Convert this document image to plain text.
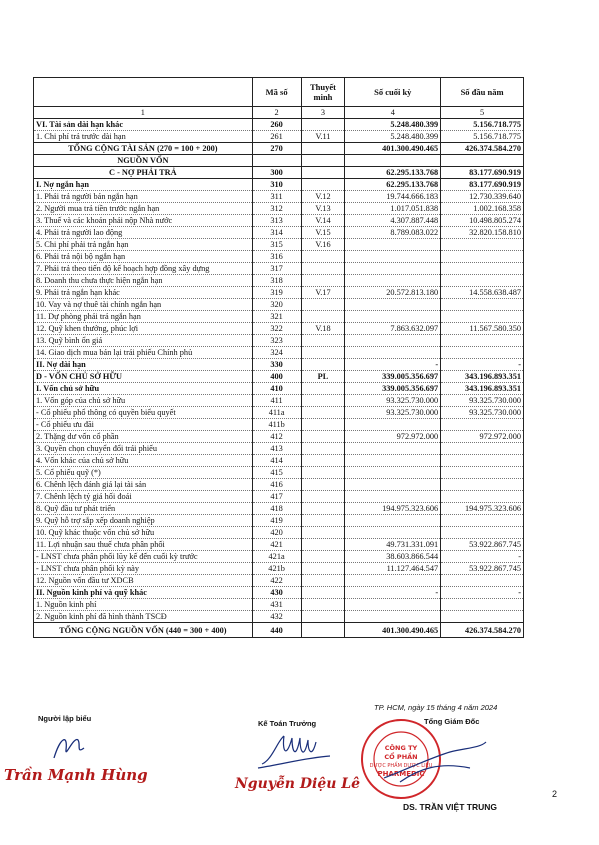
	Mã số	Thuyết minh	Số cuối kỳ	Số đầu năm
1	2	3	4	5
VI. Tài sản dài hạn khác	260		5.248.480.399	5.156.718.775
1. Chi phí trả trước dài hạn	261	V.11	5.248.480.399	5.156.718.775
TỔNG CỘNG TÀI SẢN (270 = 100 + 200)	270		401.300.490.465	426.374.584.270
NGUỒN VỐN				
C - NỢ PHẢI TRẢ	300		62.295.133.768	83.177.690.919
I. Nợ ngắn hạn	310		62.295.133.768	83.177.690.919
1. Phải trả người bán ngắn hạn	311	V.12	19.744.666.183	12.730.339.640
2. Người mua trả tiền trước ngắn hạn	312	V.13	1.017.051.838	1.002.168.358
3. Thuế và các khoản phải nộp Nhà nước	313	V.14	4.307.887.448	10.498.805.274
4. Phải trả người lao động	314	V.15	8.789.083.022	32.820.158.810
5. Chi phí phải trả ngắn hạn	315	V.16		
6. Phải trả nội bộ ngắn hạn	316			
7. Phải trả theo tiến độ kế hoạch hợp đồng xây dựng	317			
8. Doanh thu chưa thực hiện ngắn hạn	318			
9. Phải trả ngắn hạn khác	319	V.17	20.572.813.180	14.558.638.487
10. Vay và nợ thuê tài chính ngắn hạn	320			
11. Dự phòng phải trả ngắn hạn	321			
12. Quỹ khen thưởng, phúc lợi	322	V.18	7.863.632.097	11.567.580.350
13. Quỹ bình ổn giá	323			
14. Giao dịch mua bán lại trái phiếu Chính phủ	324			
II. Nợ dài hạn	330		-	-
D - VỐN CHỦ SỞ HỮU	400	PL	339.005.356.697	343.196.893.351
I. Vốn chủ sở hữu	410		339.005.356.697	343.196.893.351
1. Vốn góp của chủ sở hữu	411		93.325.730.000	93.325.730.000
- Cổ phiếu phổ thông có quyền biểu quyết	411a		93.325.730.000	93.325.730.000
- Cổ phiếu ưu đãi	411b			
2. Thặng dư vốn cổ phần	412		972.972.000	972.972.000
3. Quyền chọn chuyển đổi trái phiếu	413			
4. Vốn khác của chủ sở hữu	414			
5. Cổ phiếu quỹ (*)	415			
6. Chênh lệch đánh giá lại tài sản	416			
7. Chênh lệch tỷ giá hối đoái	417			
8. Quỹ đầu tư phát triển	418		194.975.323.606	194.975.323.606
9. Quỹ hỗ trợ sắp xếp doanh nghiệp	419			
10. Quỹ khác thuộc vốn chủ sở hữu	420			
11. Lợi nhuận sau thuế chưa phân phối	421		49.731.331.091	53.922.867.745
- LNST chưa phân phối lũy kế đến cuối kỳ trước	421a		38.603.866.544	-
- LNST chưa phân phối kỳ này	421b		11.127.464.547	53.922.867.745
12. Nguồn vốn đầu tư XDCB	422			
II. Nguồn kinh phí và quỹ khác	430		-	-
1. Nguồn kinh phí	431			
2. Nguồn kinh phí đã hình thành TSCĐ	432			
TỔNG CỘNG NGUỒN VỐN (440 = 300 + 400)	440		401.300.490.465	426.374.584.270
Người lập biểu
Trần Mạnh Hùng
Kế Toán Trưởng
Nguyễn Diệu Lê
TP. HCM, ngày 15 tháng 4 năm 2024
Tổng Giám Đốc
CÔNG TY
CỔ PHẦN
DƯỢC PHẨM DƯỢC LIỆU
PHARMEDIC
DS. TRẦN VIỆT TRUNG
2
